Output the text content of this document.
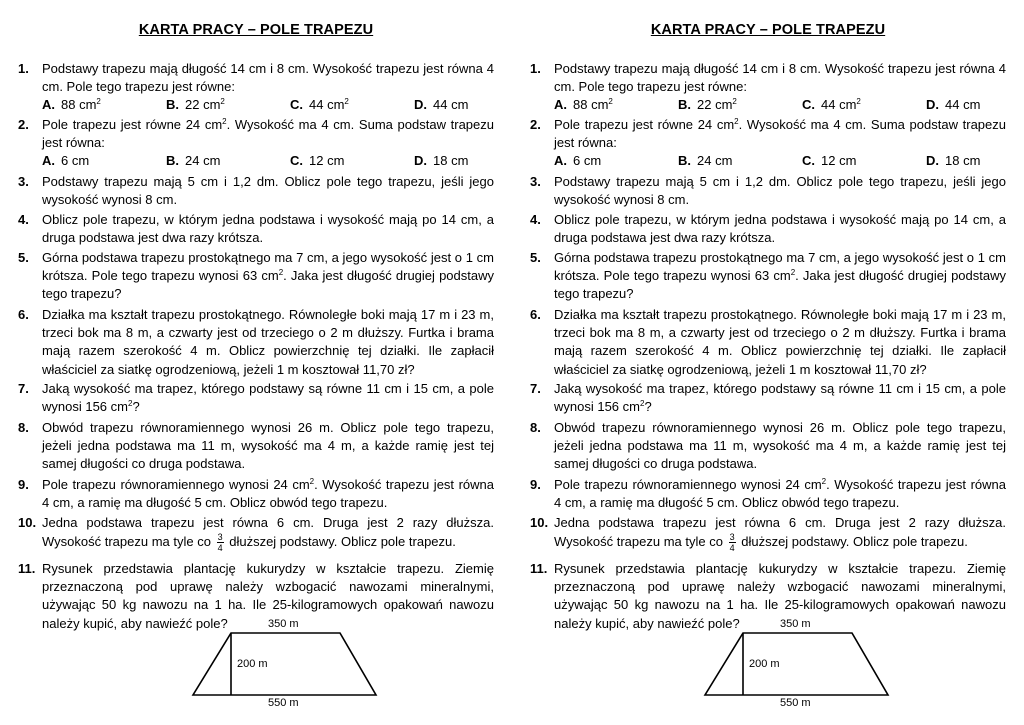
KARTA PRACY – POLE TRAPEZU
1. Podstawy trapezu mają długość 14 cm i 8 cm. Wysokość trapezu jest równa 4 cm. Pole tego trapezu jest równe:
A. 88 $cm^2$	B. 22 $cm^2$	C. 44 $cm^2$	D. 44 cm
2. Pole trapezu jest równe 24 $cm^2$. Wysokość ma 4 cm. Suma podstaw trapezu jest równa:
A. 6 cm	B. 24 cm	C. 12 cm	D. 18 cm
3. Podstawy trapezu mają 5 cm i 1,2 dm. Oblicz pole tego trapezu, jeśli jego wysokość wynosi 8 cm.
4. Oblicz pole trapezu, w którym jedna podstawa i wysokość mają po 14 cm, a druga podstawa jest dwa razy krótsza.
5. Górna podstawa trapezu prostokątnego ma 7 cm, a jego wysokość jest o 1 cm krótsza. Pole tego trapezu wynosi 63 $cm^2$. Jaka jest długość drugiej podstawy tego trapezu?
6. Działka ma kształt trapezu prostokątnego. Równoległe boki mają 17 m i 23 m, trzeci bok ma 8 m, a czwarty jest od trzeciego o 2 m dłuższy. Furtka i brama mają razem szerokość 4 m. Oblicz powierzchnię tej działki. Ile zapłacił właściciel za siatkę ogrodzeniową, jeżeli 1 m kosztował 11,70 zł?
7. Jaką wysokość ma trapez, którego podstawy są równe 11 cm i 15 cm, a pole wynosi 156 $cm^2$?
8. Obwód trapezu równoramiennego wynosi 26 m. Oblicz pole tego trapezu, jeżeli jedna podstawa ma 11 m, wysokość ma 4 m, a każde ramię jest tej samej długości co druga podstawa.
9. Pole trapezu równoramiennego wynosi 24 $cm^2$. Wysokość trapezu jest równa 4 cm, a ramię ma długość 5 cm. Oblicz obwód tego trapezu.
10. Jedna podstawa trapezu jest równa 6 cm. Druga jest 2 razy dłuższa. Wysokość trapezu ma tyle co $\frac{3}{4}$ dłuższej podstawy. Oblicz pole trapezu.
11. Rysunek przedstawia plantację kukurydzy w kształcie trapezu. Ziemię przeznaczoną pod uprawę należy wzbogacić nawozami mineralnymi, używając 50 kg nawozu na 1 ha. Ile 25-kilogramowych opakowań nawozu należy kupić, aby nawieźć pole?	350 m
200 m
550 m
KARTA PRACY – POLE TRAPEZU
1. Podstawy trapezu mają długość 14 cm i 8 cm. Wysokość trapezu jest równa 4 cm. Pole tego trapezu jest równe:
A. 88 $cm^2$	B. 22 $cm^2$	C. 44 $cm^2$	D. 44 cm
2. Pole trapezu jest równe 24 $cm^2$. Wysokość ma 4 cm. Suma podstaw trapezu jest równa:
A. 6 cm	B. 24 cm	C. 12 cm	D. 18 cm
3. Podstawy trapezu mają 5 cm i 1,2 dm. Oblicz pole tego trapezu, jeśli jego wysokość wynosi 8 cm.
4. Oblicz pole trapezu, w którym jedna podstawa i wysokość mają po 14 cm, a druga podstawa jest dwa razy krótsza.
5. Górna podstawa trapezu prostokątnego ma 7 cm, a jego wysokość jest o 1 cm krótsza. Pole tego trapezu wynosi 63 $cm^2$. Jaka jest długość drugiej podstawy tego trapezu?
6. Działka ma kształt trapezu prostokątnego. Równoległe boki mają 17 m i 23 m, trzeci bok ma 8 m, a czwarty jest od trzeciego o 2 m dłuższy. Furtka i brama mają razem szerokość 4 m. Oblicz powierzchnię tej działki. Ile zapłacił właściciel za siatkę ogrodzeniową, jeżeli 1 m kosztował 11,70 zł?
7. Jaką wysokość ma trapez, którego podstawy są równe 11 cm i 15 cm, a pole wynosi 156 $cm^2$?
8. Obwód trapezu równoramiennego wynosi 26 m. Oblicz pole tego trapezu, jeżeli jedna podstawa ma 11 m, wysokość ma 4 m, a każde ramię jest tej samej długości co druga podstawa.
9. Pole trapezu równoramiennego wynosi 24 $cm^2$. Wysokość trapezu jest równa 4 cm, a ramię ma długość 5 cm. Oblicz obwód tego trapezu.
10. Jedna podstawa trapezu jest równa 6 cm. Druga jest 2 razy dłuższa. Wysokość trapezu ma tyle co $\frac{3}{4}$ dłuższej podstawy. Oblicz pole trapezu.
11. Rysunek przedstawia plantację kukurydzy w kształcie trapezu. Ziemię przeznaczoną pod uprawę należy wzbogacić nawozami mineralnymi, używając 50 kg nawozu na 1 ha. Ile 25-kilogramowych opakowań nawozu należy kupić, aby nawieźć pole?	350 m
200 m
550 m
